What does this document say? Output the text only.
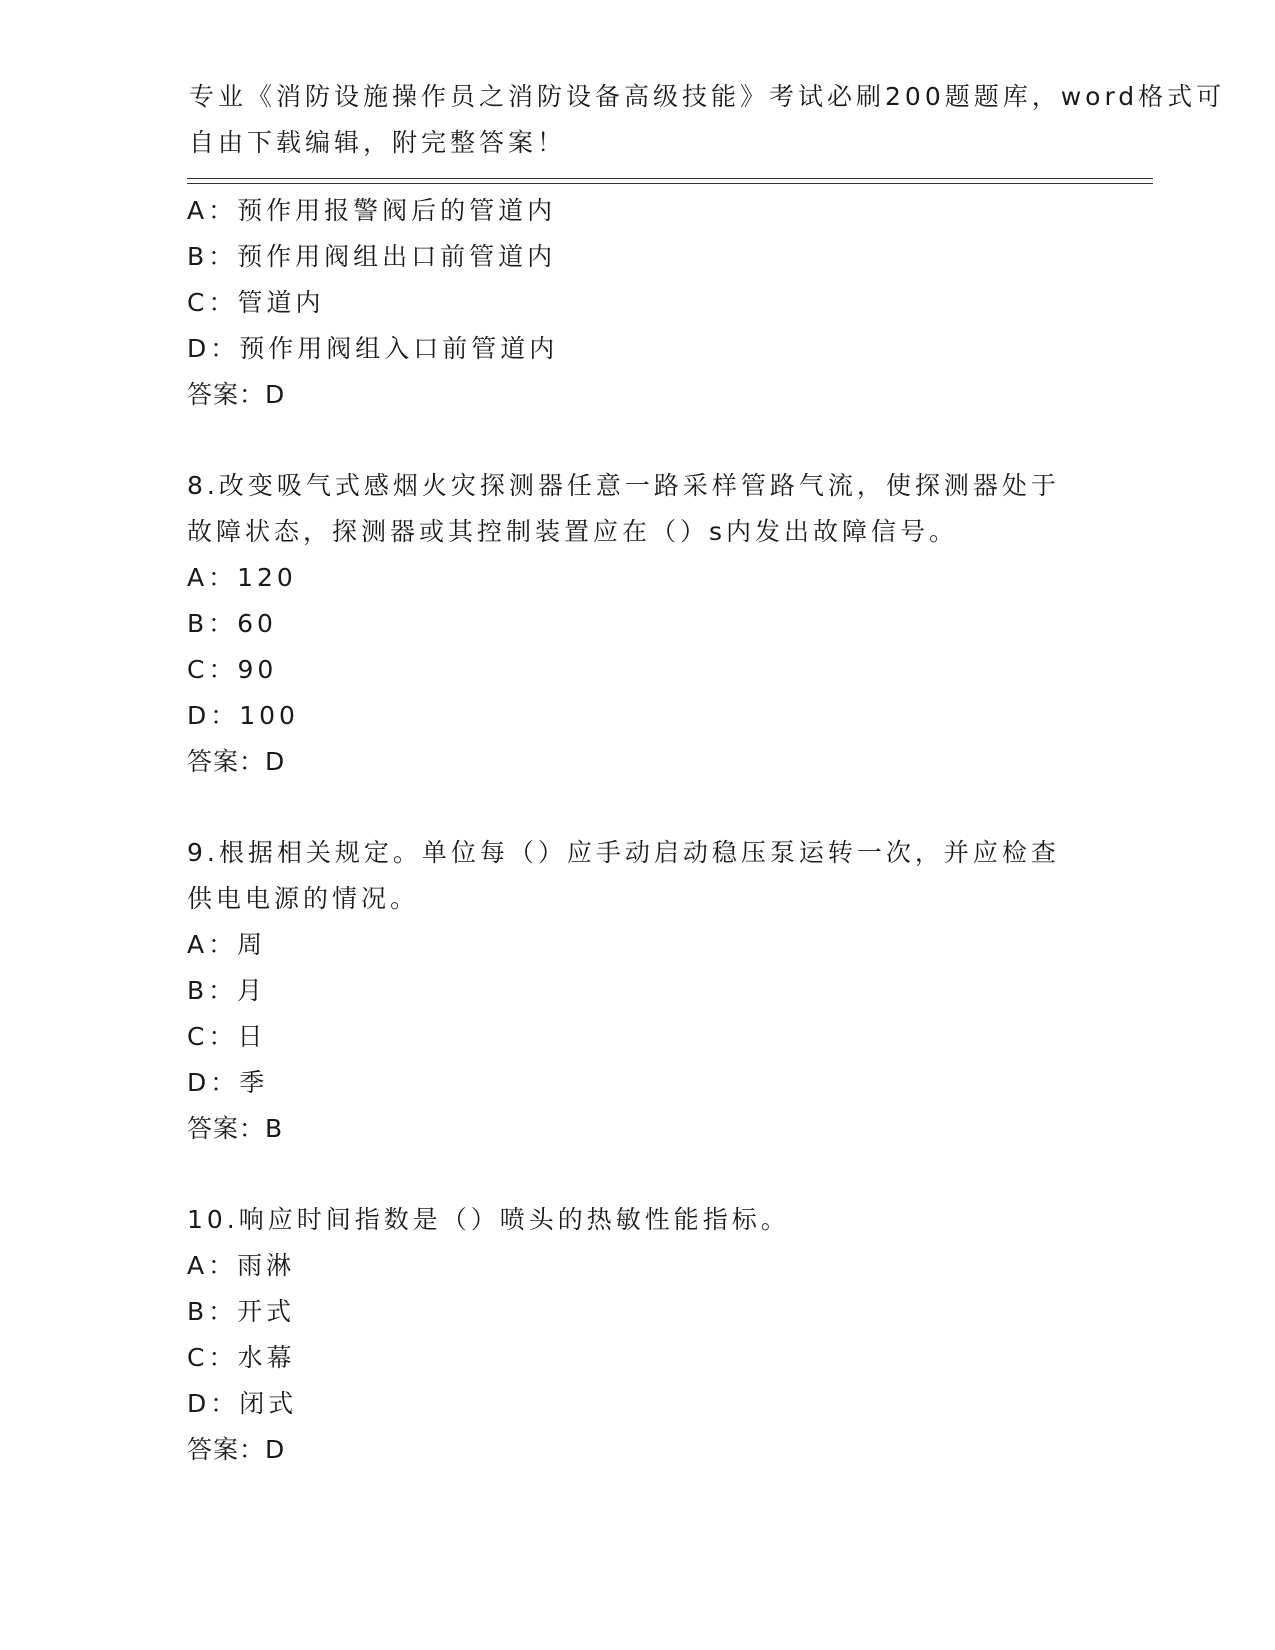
专业《消防设施操作员之消防设备高级技能》考试必刷200题题库，word格式可
自由下载编辑，附完整答案！
A：预作用报警阀后的管道内
B：预作用阀组出口前管道内
C：管道内
D：预作用阀组入口前管道内
答案：D
8.改变吸气式感烟火灾探测器任意一路采样管路气流，使探测器处于
故障状态，探测器或其控制装置应在（）s内发出故障信号。
A：120
B：60
C：90
D：100
答案：D
9.根据相关规定。单位每（）应手动启动稳压泵运转一次，并应检查
供电电源的情况。
A：周
B：月
C：日
D：季
答案：B
10.响应时间指数是（）喷头的热敏性能指标。
A：雨淋
B：开式
C：水幕
D：闭式
答案：D
